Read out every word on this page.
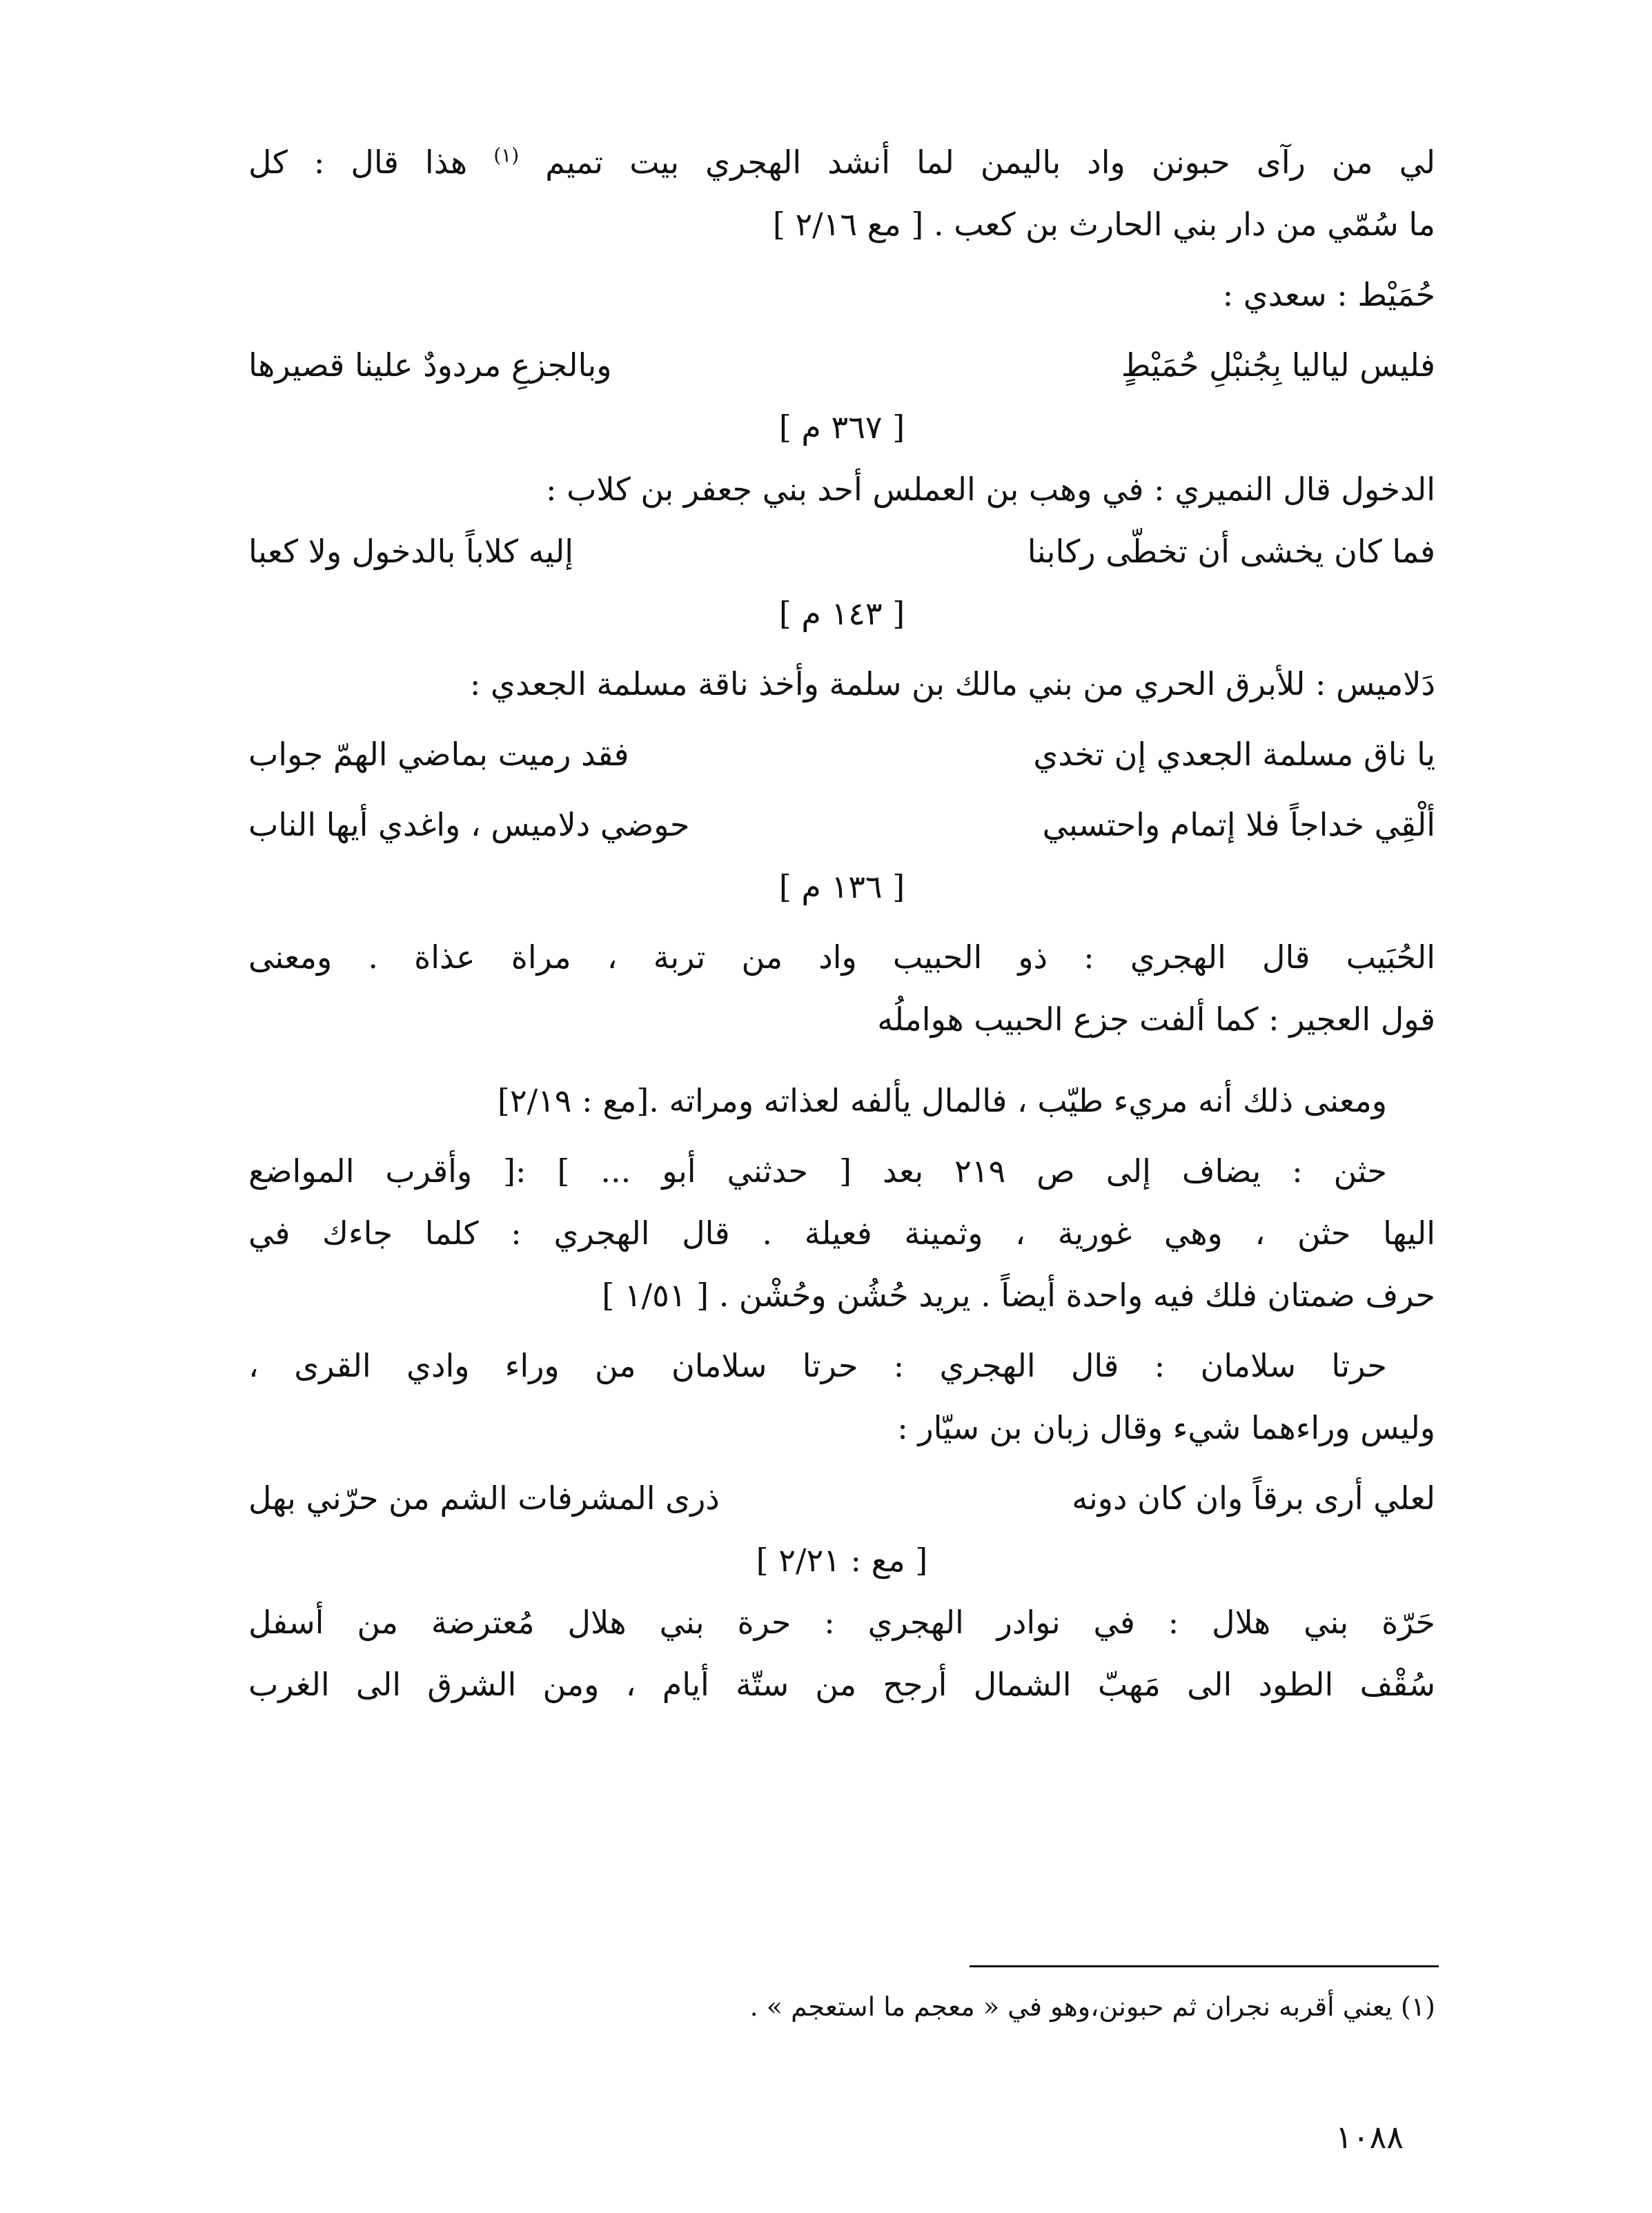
لي من رآى حبونن واد باليمن لما أنشد الهجري بيت تميم $^{(١)}$ هذا قال : كل
ما سُمّي من دار بني الحارث بن كعب . [ مع ٢/١٦ ]
حُمَيْط : سعدي :
فليس لياليا بِجُنبْلِ حُمَيْطٍ
وبالجزعِ مردودٌ علينا قصيرها
[ ٣٦٧ م ]
الدخول قال النميري : في وهب بن العملس أحد بني جعفر بن كلاب :
فما كان يخشى أن تخطّى ركابنا
إليه كلاباً بالدخول ولا كعبا
[ ١٤٣ م ]
دَلاميس : للأبرق الحري من بني مالك بن سلمة وأخذ ناقة مسلمة الجعدي :
يا ناق مسلمة الجعدي إن تخدي
فقد رميت بماضي الهمّ جواب
ألْقِي خداجاً فلا إتمام واحتسبي
حوضي دلاميس ، واغدي أيها الناب
[ ١٣٦ م ]
الحُبَيب قال الهجري : ذو الحبيب واد من تربة ، مراة عذاة . ومعنى
قول العجير : كما ألفت جزع الحبيب هواملُه
ومعنى ذلك أنه مريء طيّب ، فالمال يألفه لعذاته ومراته .[مع : ٢/١٩]
حثن : يضاف إلى ص ٢١٩ بعد [ حدثني أبو ... ] :[ وأقرب المواضع
اليها حثن ، وهي غورية ، وثمينة فعيلة . قال الهجري : كلما جاءك في
حرف ضمتان فلك فيه واحدة أيضاً . يريد حُشُن وحُشْن . [ ١/٥١ ]
حرتا سلامان : قال الهجري : حرتا سلامان من وراء وادي القرى ،
وليس وراءهما شيء وقال زبان بن سيّار :
لعلي أرى برقاً وان كان دونه
ذرى المشرفات الشم من حرّني بهل
[ مع : ٢/٢١ ]
حَرّة بني هلال : في نوادر الهجري : حرة بني هلال مُعترضة من أسفل
سُقْف الطود الى مَهبّ الشمال أرجح من ستّة أيام ، ومن الشرق الى الغرب
(١) يعني أقربه نجران ثم حبونن،وهو في « معجم ما استعجم » .
١٠٨٨
